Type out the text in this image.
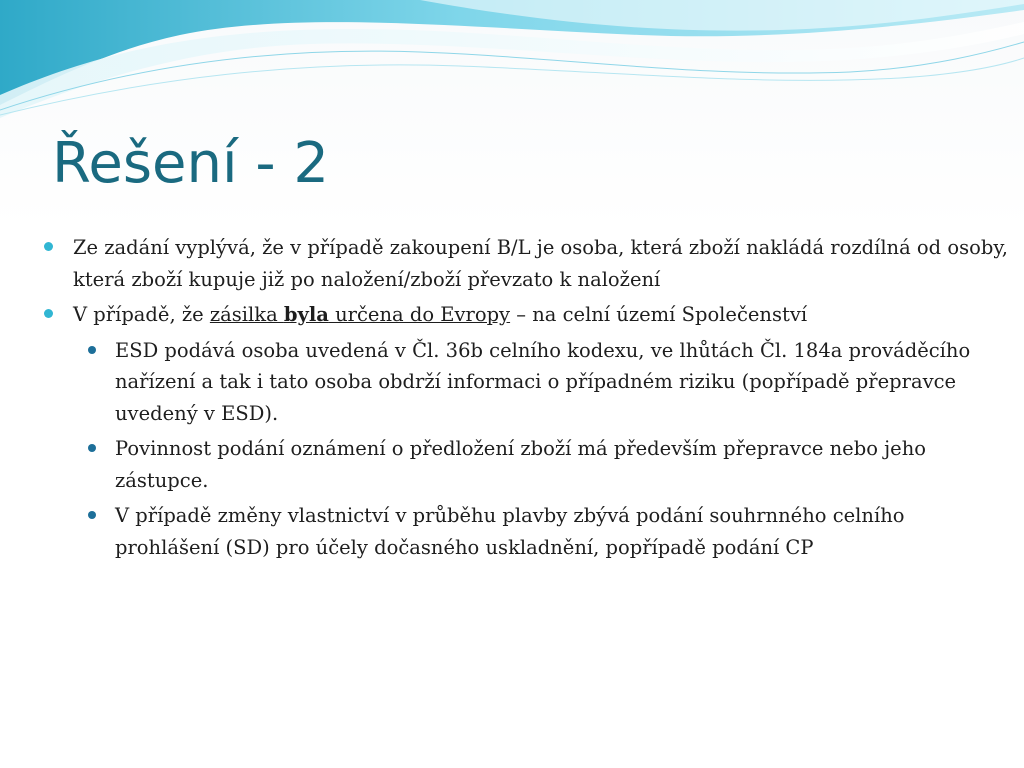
Řešení - 2
Ze zadání vyplývá, že v případě zakoupení B/L je osoba, která zboží nakládá rozdílná od osoby, která zboží kupuje již po naložení/zboží převzato k naložení
V případě, že zásilka byla určena do Evropy – na celní území Společenství
ESD podává osoba uvedená v Čl. 36b celního kodexu, ve lhůtách Čl. 184a prováděcího nařízení a tak i tato osoba obdrží informaci o případném riziku (popřípadě přepravce uvedený v ESD).
Povinnost podání oznámení o předložení zboží má především přepravce nebo jeho zástupce.
V případě změny vlastnictví v průběhu plavby zbývá podání souhrnného celního prohlášení (SD) pro účely dočasného uskladnění, popřípadě podání CP
